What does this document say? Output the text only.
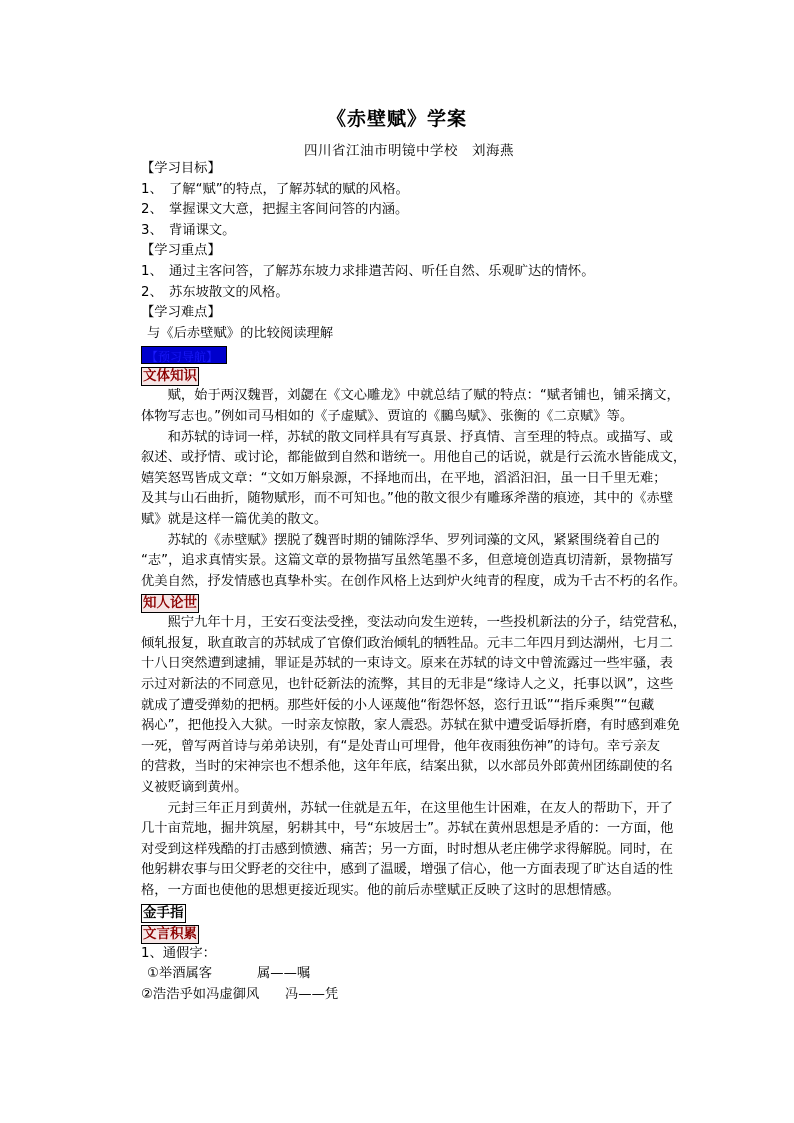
《赤壁赋》学案
四川省江油市明镜中学校　刘海燕

【学习目标】

1、 了解“赋”的特点，了解苏轼的赋的风格。

2、 掌握课文大意，把握主客间问答的内涵。

3、 背诵课文。

【学习重点】

1、 通过主客问答，了解苏东坡力求排遣苦闷、听任自然、乐观旷达的情怀。

2、 苏东坡散文的风格。

【学习难点】

与《后赤壁赋》的比较阅读理解

【预习导航】
文体知识

　　赋，始于两汉魏晋，刘勰在《文心雕龙》中就总结了赋的特点：“赋者铺也，铺采摛文，

体物写志也。”例如司马相如的《子虚赋》、贾谊的《鵩鸟赋》、张衡的《二京赋》等。

　　和苏轼的诗词一样，苏轼的散文同样具有写真景、抒真情、言至理的特点。或描写、或

叙述、或抒情、或讨论，都能做到自然和谐统一。用他自己的话说，就是行云流水皆能成文，

嬉笑怒骂皆成文章：“文如万斛泉源，不择地而出，在平地，滔滔汩汩，虽一日千里无难；

及其与山石曲折，随物赋形，而不可知也。”他的散文很少有雕琢斧凿的痕迹，其中的《赤壁

赋》就是这样一篇优美的散文。

　　苏轼的《赤壁赋》摆脱了魏晋时期的铺陈浮华、罗列词藻的文风，紧紧围绕着自己的

“志”，追求真情实景。这篇文章的景物描写虽然笔墨不多，但意境创造真切清新，景物描写

优美自然，抒发情感也真挚朴实。在创作风格上达到炉火纯青的程度，成为千古不朽的名作。

知人论世

　　熙宁九年十月，王安石变法受挫，变法动向发生逆转，一些投机新法的分子，结党营私，

倾轧报复，耿直敢言的苏轼成了官僚们政治倾轧的牺牲品。元丰二年四月到达湖州，七月二

十八日突然遭到逮捕，罪证是苏轼的一束诗文。原来在苏轼的诗文中曾流露过一些牢骚，表

示过对新法的不同意见，也针砭新法的流弊，其目的无非是“缘诗人之义，托事以讽”，这些

就成了遭受弹劾的把柄。那些奸佞的小人诬蔑他“衔怨怀怒，恣行丑诋”“指斥乘舆”“包藏

祸心”，把他投入大狱。一时亲友惊散，家人震恐。苏轼在狱中遭受诟辱折磨，有时感到难免

一死，曾写两首诗与弟弟诀别，有“是处青山可埋骨，他年夜雨独伤神”的诗句。幸亏亲友

的营救，当时的宋神宗也不想杀他，这年年底，结案出狱，以水部员外郎黄州团练副使的名

义被贬谪到黄州。

　　元封三年正月到黄州，苏轼一住就是五年，在这里他生计困难，在友人的帮助下，开了

几十亩荒地，掘井筑屋，躬耕其中，号“东坡居士”。苏轼在黄州思想是矛盾的：一方面，他

对受到这样残酷的打击感到愤懑、痛苦；另一方面，时时想从老庄佛学求得解脱。同时，在

他躬耕农事与田父野老的交往中，感到了温暖，增强了信心，他一方面表现了旷达自适的性

格，一方面也使他的思想更接近现实。他的前后赤壁赋正反映了这时的思想情感。

金手指
文言积累

1、通假字：

①举酒属客	属——嘱

②浩浩乎如冯虚御风 冯——凭
